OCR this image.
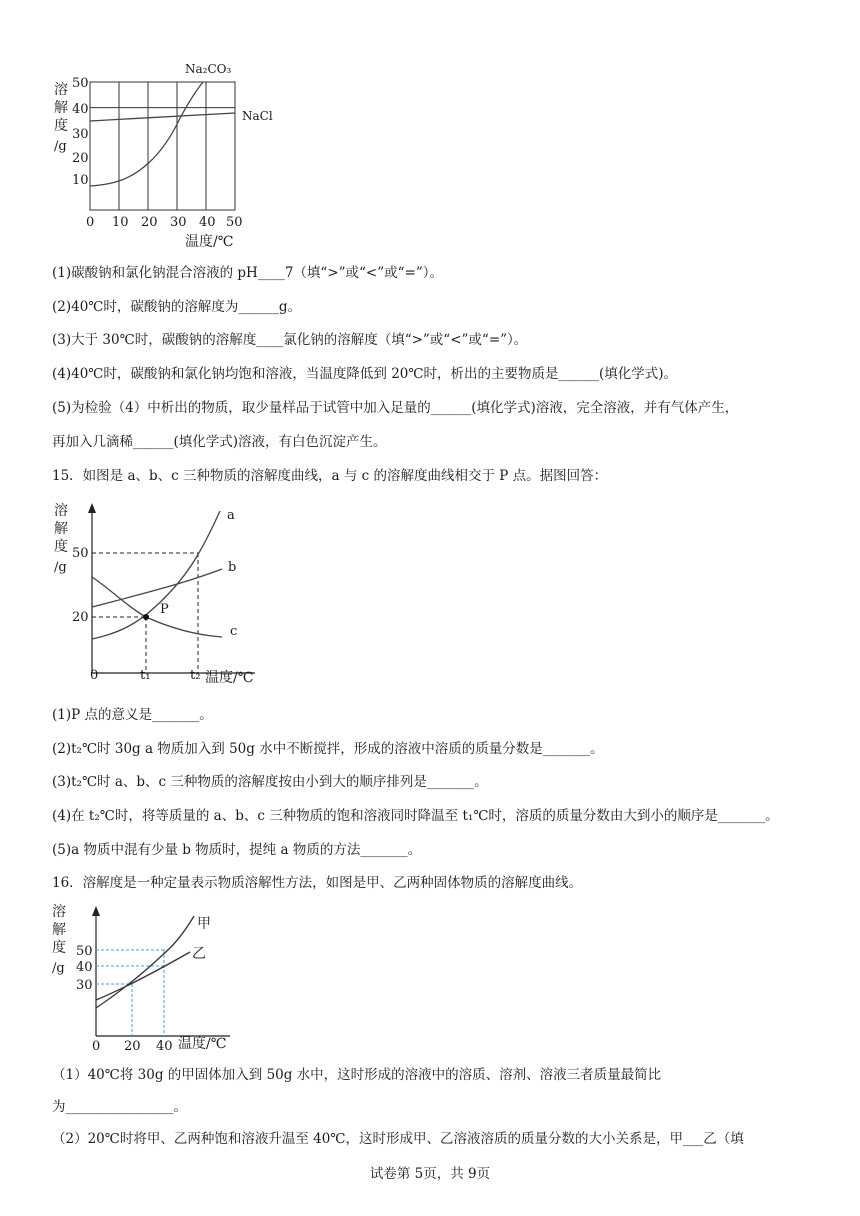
溶
解
度
/g
50
40
30
20
10
0 10 20 30 40 50
温度/℃
Na₂CO₃
NaCl
(1)碳酸钠和氯化钠混合溶液的 pH____7（填“>”或“<”或“=”）。
(2)40℃时，碳酸钠的溶解度为______g。
(3)大于 30℃时，碳酸钠的溶解度____氯化钠的溶解度（填“>”或“<”或“=”）。
(4)40℃时，碳酸钠和氯化钠均饱和溶液，当温度降低到 20℃时，析出的主要物质是______(填化学式)。
(5)为检验（4）中析出的物质，取少量样品于试管中加入足量的______(填化学式)溶液，完全溶液，并有气体产生，
再加入几滴稀______(填化学式)溶液，有白色沉淀产生。
15．如图是 a、b、c 三种物质的溶解度曲线，a 与 c 的溶解度曲线相交于 P 点。据图回答：
溶
解
度
/g
P
50
20
0	t₁	t₂ 温度/℃
a
b
c
(1)P 点的意义是_______。
(2)t₂℃时 30g a 物质加入到 50g 水中不断搅拌，形成的溶液中溶质的质量分数是_______。
(3)t₂℃时 a、b、c 三种物质的溶解度按由小到大的顺序排列是_______。
(4)在 t₂℃时，将等质量的 a、b、c 三种物质的饱和溶液同时降温至 t₁℃时，溶质的质量分数由大到小的顺序是_______。
(5)a 物质中混有少量 b 物质时，提纯 a 物质的方法_______。
16．溶解度是一种定量表示物质溶解性方法，如图是甲、乙两种固体物质的溶解度曲线。
溶
解
度
/g
50
40
30
0 20 40 温度/℃
甲
乙
（1）40℃将 30g 的甲固体加入到 50g 水中，这时形成的溶液中的溶质、溶剂、溶液三者质量最简比
为________________。
（2）20℃时将甲、乙两种饱和溶液升温至 40℃，这时形成甲、乙溶液溶质的质量分数的大小关系是，甲___乙（填
试卷第 5页，共 9页
